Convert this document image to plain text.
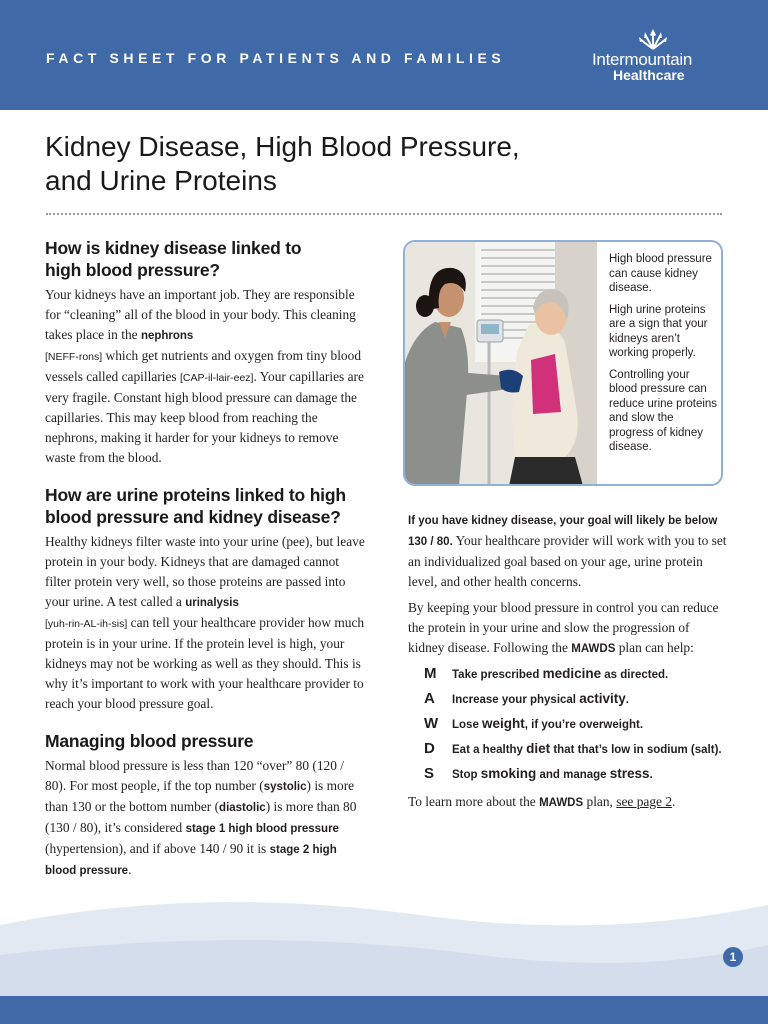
FACT SHEET FOR PATIENTS AND FAMILIES	Intermountain
Healthcare
Kidney Disease, High Blood Pressure,
and Urine Proteins
How is kidney disease linked to
high blood pressure?

Your kidneys have an important job. They are responsible for “cleaning” all of the blood in your body. This cleaning takes place in the nephrons
[NEFF-rons] which get nutrients and oxygen from tiny blood vessels called capillaries [CAP-il-lair-eez]. Your capillaries are very fragile. Constant high blood pressure can damage the capillaries. This may keep blood from reaching the nephrons, making it harder for your kidneys to remove waste from the blood.

How are urine proteins linked to high
blood pressure and kidney disease?

Healthy kidneys filter waste into your urine (pee), but leave protein in your body. Kidneys that are damaged cannot filter protein very well, so those proteins are passed into your urine. A test called a urinalysis
[yuh-rin-AL-ih-sis] can tell your healthcare provider how much protein is in your urine. If the protein level is high, your kidneys may not be working as well as they should. This is why it’s important to work with your healthcare provider to reach your blood pressure goal.

Managing blood pressure

Normal blood pressure is less than 120 “over” 80 (120 / 80). For most people, if the top number (systolic) is more than 130 or the bottom number (diastolic) is more than 80 (130 / 80), it’s considered stage 1 high blood pressure (hypertension), and if above 140 / 90 it is stage 2 high blood pressure.

High blood pressure can cause kidney disease.
High urine proteins are a sign that your kidneys aren’t working properly.
Controlling your blood pressure can reduce urine proteins and slow the progress of kidney disease.

If you have kidney disease, your goal will likely be below 130 / 80. Your healthcare provider will work with you to set an individualized goal based on your age, urine protein level, and other health concerns.

By keeping your blood pressure in control you can reduce the protein in your urine and slow the progression of kidney disease. Following the MAWDS plan can help:

M	Take prescribed medicine as directed.
A	Increase your physical activity.
W	Lose weight, if you’re overweight.
D	Eat a healthy diet that that’s low in sodium (salt).
S	Stop smoking and manage stress.

To learn more about the MAWDS plan, see page 2.

1
